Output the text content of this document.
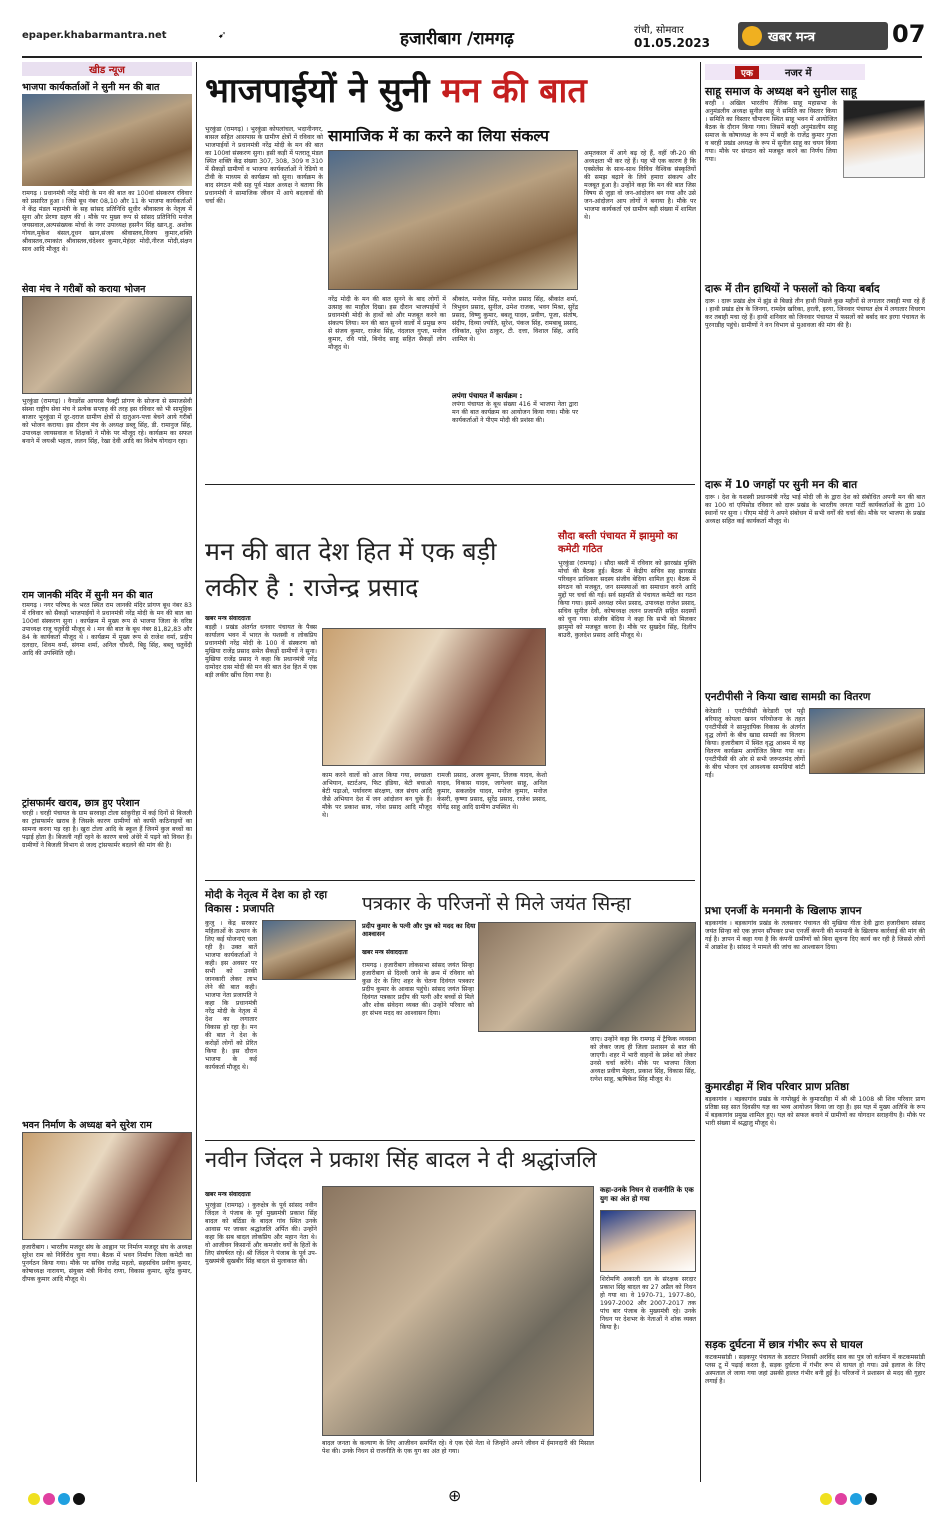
epaper.khabarmantra.net	➹	हजारीबाग /रामगढ़	रांची, सोमवार
01.05.2023	खबर मन्त्र	07
खीड न्यूज
भाजपा कार्यकर्ताओं ने सुनी मन की बात
रामगढ़ । प्रधानमंत्री नरेंद्र मोदी के मन की बात का 100वां संस्करण रविवार को प्रसारित हुआ । जिसे बूथ नंबर 08,10 और 11 के भाजपा कार्यकर्ताओं ने केंद्र मंडल महामंत्री के सह सांसद प्रतिनिधि सुधीर श्रीवास्तव के नेतृत्व में सुना और प्रेरणा ग्रहण की । मौके पर मुख्य रूप से सांसद प्रतिनिधि मनोज जयसवाल,अल्पसंख्यक मोर्चा के नगर उपाध्यक्ष हसनैन सिंह खान,हु. अशोक गोयल,मुकेश बंसल,दूधन खान,संजय श्रीवास्तव,विजय कुमार,शक्ति श्रीवास्तव,रमाकांत श्रीवास्तव,चंदेश्वर कुमार,मेहंदर मोदी,नीरज मोदी,संक्षन साव आदि मौजूद थे।
सेवा मंच ने गरीबों को कराया भोजन
भुरकुंडा (रामगढ़) । वैनडरेंस आयरस फैक्ट्री प्रांगण के सोजना से समाजसेवी संस्था राष्ट्रीय सेवा मंच ने प्रत्येक सप्ताह की तरह इस रविवार को भी सामूहिक बाजार भुरकुंडा में दूर-दराज ग्रामीण क्षेत्रों से दातुअन-पत्ता बेचने आये गरीबों को भोजन कराया। इस दौरान मंच के अध्यक्ष डब्लू सिंह, डी. रामानुज सिंह, उपाध्यक्ष जायसवाल व शिक्षकों ने मौके पर मौजूद रहे। कार्यक्रम का सफल बनाने में जयश्री भहता, ललन सिंह, रेखा देवी आदि का विशेष योगदान रहा।
राम जानकी मंदिर में सुनी मन की बात
रामगढ़ । नगर परिषद के भरत स्थित राम जानकी मंदिर प्रांगण बूथ नंबर 83 में रविवार को सैकड़ों भाजपाईयों ने प्रधानमंत्री नरेंद्र मोदी के मन की बात का 100वां संस्करण सुना । कार्यक्रम में मुख्य रूप से भाजपा जिला के वरिष्ठ उपाध्यक्ष राजू चतुर्वेदी मौजूद थे । मन की बात के बूथ नंबर 81,82,83 और 84 के कार्यकर्ता मौजूद थे । कार्यक्रम में मुख्य रूप से राजेश वर्मा, प्रदीप दलदार, शिवम वर्मा, संगमा शर्मा, अनिल चौधरी, बिट्टू सिंह, बब्लू चतुर्वेदी आदि की उपस्थिति रही।
ट्रांसफार्मर खराब, छात्र हुए परेशान
चरही । चरही पंचायत के ग्राम सरवाहा टोला सांकुरीहा में कई दिनों से बिजली का ट्रांसफार्मर खराब है जिसके कारण ग्रामीणों को काफी कठिनाइयों का सामना करना पड़ रहा है। खुरा टोला आदि के स्कूल हैं जिनमें कुल बच्चों का पढ़ाई होता है। बिजली नहीं रहने के कारण बच्चे अंधेरे में पढ़ने को विवश हैं। ग्रामीणों ने बिजली विभाग से जल्द ट्रांसफार्मर बदलने की मांग की है।
भवन निर्माण के अध्यक्ष बने सुरेश राम
हजारीबाग । भारतीय मजदूर संघ के आह्वान पर निर्माण मजदूर संघ के अध्यक्ष सुरेश राम को निर्विरोध चुना गया। बैठक में भवन निर्माण जिला कमेटी का पुनर्गठन किया गया। मौके पर सचिव राजेंद्र महतो, सहसचिव प्रवीण कुमार, कोषाध्यक्ष नारायण, संयुक्त मंत्री विनोद राणा, विकास कुमार, सुरेंद्र कुमार, दीपक कुमार आदि मौजूद थे।
भाजपाईयों ने सुनी मन की बात
भुरकुंडा (रामगढ़) । भुरकुंडा कोयलांचल, भदानीनगर, बासल सहित आसपास के ग्रामीण क्षेत्रों में रविवार को भाजपाईयों ने प्रधानमंत्री नरेंद्र मोदी के मन की बात का 100वां संस्करण सुना। इसी कड़ी में पतरातू मंडल स्थित शक्ति केंद्र संख्या 307, 308, 309 व 310 में सैकड़ों ग्रामीणों व भाजपा कार्यकर्ताओं ने रेडियो व टीवी के माध्यम से कार्यक्रम को सुना। कार्यक्रम के बाद संगठन मंत्री सह पूर्व मंडल अध्यक्ष ने बताया कि प्रधानमंत्री ने सामाजिक जीवन में आये बदलावों की चर्चा की।
सामाजिक में का करने का लिया संकल्प
नरेंद्र मोदी के मन की बात सुनने के बाद लोगों में उत्साह का माहौल दिखा। इस दौरान भाजपाईयों ने प्रधानमंत्री मोदी के हाथों को और मजबूत करने का संकल्प लिया। मन की बात सुनने वालों में प्रमुख रूप से संजय कुमार, राजेश सिंह, नंदलाल गुप्ता, मनोज कुमार, रवि पांडे, बिनोद साहू सहित सैकड़ों लोग मौजूद थे।
श्रीकांत, मनोज सिंह, मनोज प्रसाद सिंह, श्रीकांत शर्मा, त्रिभुवन प्रसाद, सुनील, उमेश राजक, भवन मिश्रा, सुरेंद्र प्रसाद, विष्णु कुमार, बबलू यादव, प्रवीण, पूजा, संतोष, संदीप, दिव्या ज्योति, सुरेश, पंकज सिंह, रामबाबू प्रसाद, रविकांत, सुरेश ठाकुर, टी. दत्ता, विशाल सिंह, आदि शामिल थे।
लपंगा पंचायत में कार्यक्रम :
लपंगा पंचायत के बूथ संख्या 416 में भाजपा नेता द्वारा मन की बात कार्यक्रम का आयोजन किया गया। मौके पर कार्यकर्ताओं ने पीएम मोदी की प्रशंसा की।
अमृतकाल में आगे बढ़ रहे हैं, वहीं जी-20 की अध्यक्षता भी कर रहे हैं। यह भी एक कारण है कि एक्सेलेंस के साथ-साथ विविध वैश्विक संस्कृतियों की समझ बढ़ाने के लिये हमारा संकल्प और मजबूत हुआ है। उन्होंने कहा कि मन की बात जिस विषय से जुड़ा वो जन-आंदोलन बन गया और उसे जन-आंदोलन आप लोगों ने बनाया है। मौके पर भाजपा कार्यकर्ता एवं ग्रामीण बड़ी संख्या में शामिल थे।
मन की बात देश हित में एक बड़ी लकीर है : राजेन्द्र प्रसाद
खबर मन्त्र संवाददाता
बड़ही । प्रखंड अंतर्गत धनवार पंचायत के पैक्स कार्यालय भवन में भारत के यशस्वी व लोकप्रिय प्रधानमंत्री नरेंद्र मोदी के 100 वें संस्करण को मुखिया राजेंद्र प्रसाद समेत सैकड़ों ग्रामीणों ने सुना। मुखिया राजेंद्र प्रसाद ने कहा कि प्रधानमंत्री नरेंद्र दामोदर दास मोदी की मन की बात देश हित में एक बड़ी लकीर खींच दिया गया है।
काम करने वालों को आज किया गया, स्वच्छता अभियान, स्टार्टअप, फिट इंडिया, बेटी बचाओ बेटी पढ़ाओ, पर्यावरण संरक्षण, जल संचय आदि जैसे अभियान देश में जन आंदोलन बन चुके हैं। मौके पर प्रकाश साव, नरेश प्रसाद आदि मौजूद थे।
रामजी प्रसाद, अजय कुमार, तिलक यादव, केशो यादव, विकास यादव, जागेश्वर साहू, अनिल कुमार, सकलदेव यादव, मनोज कुमार, मनोज केसरी, कृष्णा प्रसाद, सुरेंद्र प्रसाद, राजेश प्रसाद, योगेंद्र साहू आदि ग्रामीण उपस्थित थे।
सौदा बस्ती पंचायत में झामुमो का कमेटी गठित
भुरकुंडा (रामगढ़) । सौदा बस्ती में रविवार को झारखंड मुक्ति मोर्चा की बैठक हुई। बैठक में केंद्रीय सचिव सह झारखंड परिवहन प्राधिकार सदस्य संजीव बेदिया शामिल हुए। बैठक में संगठन को मजबूत, जन समस्याओं का समाधान करने आदि मुद्दों पर चर्चा की गई। सर्व सहमति से पंचायत कमेटी का गठन किया गया। इसमें अध्यक्ष रमेश प्रसाद, उपाध्यक्ष राजेश प्रसाद, सचिव सुनील देवी, कोषाध्यक्ष ललन प्रजापति सहित सदस्यों को चुना गया। संजीव बेदिया ने कहा कि सभी को मिलकर झामुमो को मजबूत करना है। मौके पर सुखदेव सिंह, दिलीप बाउरी, कुलदेश प्रसाद आदि मौजूद थे।
मोदी के नेतृत्व में देश का हो रहा विकास : प्रजापति
कुजु । केंद्र सरकार महिलाओं के उत्थान के लिए कई योजनाएं चला रही है। उक्त बातें भाजपा कार्यकर्ताओं ने कही। इस अवसर पर सभी को उनकी जानकारी लेकर लाभ लेने की बात कही। भाजपा नेता प्रजापति ने कहा कि प्रधानमंत्री नरेंद्र मोदी के नेतृत्व में देश का लगातार विकास हो रहा है। मन की बात ने देश के करोड़ों लोगों को प्रेरित किया है। इस दौरान भाजपा के कई कार्यकर्ता मौजूद थे।
पत्रकार के परिजनों से मिले जयंत सिन्हा
प्रदीप कुमार के पत्नी और पुत्र को मदद का दिया आश्वासन
खबर मन्त्र संवाददाता
रामगढ़ । हजारीबाग लोकसभा सांसद जयंत सिन्हा हजारीबाग से दिल्ली जाने के क्रम में रविवार को कुछ देर के लिए शहर के चेतना दिवंगत पत्रकार प्रदीप कुमार के आवास पहुंचे। सांसद जयंत सिन्हा दिवंगत पत्रकार प्रदीप की पत्नी और बच्चों से मिले और शोक संवेदना व्यक्त की। उन्होंने परिवार को हर संभव मदद का आश्वासन दिया।
जाए। उन्होंने कहा कि रामगढ़ में ट्रैफिक व्यवस्था को लेकर जल्द ही जिला प्रशासन से बात की जाएगी। शहर में भारी वाहनों के प्रवेश को लेकर उनसे चर्चा करेंगे। मौके पर भाजपा जिला अध्यक्ष प्रवीण मेहता, प्रकाश सिंह, विकास सिंह, रत्नेश साहू, ऋषिकेश सिंह मौजूद थे।
नवीन जिंदल ने प्रकाश सिंह बादल ने दी श्रद्धांजलि
खबर मन्त्र संवाददाता
भुरकुंडा (रामगढ़) । कुरुक्षेत्र के पूर्व सांसद नवीन जिंदल ने पंजाब के पूर्व मुख्यमंत्री प्रकाश सिंह बादल को बठिंडा के बादल गांव स्थित उनके आवास पर जाकर श्रद्धांजलि अर्पित की। उन्होंने कहा कि सब बादल लोकप्रिय और महान नेता थे। वो आजीवन किसानों और कमजोर वर्गों के हितों के लिए संघर्षरत रहे। श्री जिंदल ने पंजाब के पूर्व उप-मुख्यमंत्री सुखबीर सिंह बादल से मुलाकात की।
कहा-उनके निधन से राजनीति के एक युग का अंत हो गया
शिरोमणि अकाली दल के संरक्षक सरदार प्रकाश सिंह बादल का 27 अप्रैल को निधन हो गया था। वे 1970-71, 1977-80, 1997-2002 और 2007-2017 तक पांच बार पंजाब के मुख्यमंत्री रहे। उनके निधन पर देशभर के नेताओं ने शोक व्यक्त किया है।
बादल जनता के कल्याण के लिए आजीवन समर्पित रहे। वे एक ऐसे नेता थे जिन्होंने अपने जीवन में ईमानदारी की मिसाल पेश की। उनके निधन से राजनीति के एक युग का अंत हो गया।
एक	नजर में
साहू समाज के अध्यक्ष बने सुनील साहू
बरही । अखिल भारतीय तैलिक साहू महासभा के अनुमंडलीय अध्यक्ष सुनील साहू ने समिति का विस्तार किया । समिति का विस्तार चौपारण स्थित साहू भवन में आयोजित बैठक के दौरान किया गया। जिसमें बरही अनुमंडलीय साहू समाज के कोषाध्यक्ष के रूप में बरही के राजेंद्र कुमार गुप्ता व बरही प्रखंड अध्यक्ष के रूप में सुनील साहू का चयन किया गया। मौके पर संगठन को मजबूत करने का निर्णय लिया गया।
दारू में तीन हाथियों ने फसलों को किया बर्बाद
दारू । दारू प्रखंड क्षेत्र में झुंड से बिछड़े तीन हाथी पिछले कुछ महीनों से लगातार तबाही मचा रहे हैं । हाथी प्रखंड क्षेत्र के जिनगा, रामदेव खरिका, हरली, इरगा, जिनवार पंचायत क्षेत्र में लगातार विचरण कर तबाही मचा रहे हैं। हाथी शनिवार को जिनवार पंचायत में फसलों को बर्बाद कर इरगा पंचायत के पुरनाडीह पहुंचे। ग्रामीणों ने वन विभाग से मुआवजा की मांग की है।
दारू में 10 जगहों पर सुनी मन की बात
दारू । देश के यशस्वी प्रधानमंत्री नरेंद्र भाई मोदी जी के द्वारा देश को संबोधित अपनी मन की बात का 100 वां एपिसोड रविवार को दारू प्रखंड के भारतीय जनता पार्टी कार्यकर्ताओं के द्वारा 10 स्थानों पर सुना । पीएम मोदी ने अपने संबोधन में सभी वर्गों की चर्चा की। मौके पर भाजपा के प्रखंड अध्यक्ष सहित कई कार्यकर्ता मौजूद थे।
एनटीपीसी ने किया खाद्य सामग्री का वितरण
केरेडारी । एनटीपीसी केरेडारी एवं पट्टी बरियातू कोयला खनन परियोजना के तहत एनटीपीसी ने सामुदायिक विकास के अंतर्गत वृद्ध लोगों के बीच खाद्य सामग्री का वितरण किया। हजारीबाग में स्थित वृद्ध आश्रम में यह वितरण कार्यक्रम आयोजित किया गया था। एनटीपीसी की ओर से सभी जरूरतमंद लोगों के बीच भोजन एवं आवश्यक सामग्रियां बांटी गईं।
प्रभा एनर्जी के मनमानी के खिलाफ ज्ञापन
बड़कागांव । बड़कागांव प्रखंड के तलसवार पंचायत की मुखिया गीता देवी द्वारा हजारीबाग सांसद जयंत सिन्हा को एक ज्ञापन सौंपकर प्रभा एनर्जी कंपनी की मनमानी के खिलाफ कार्रवाई की मांग की गई है। ज्ञापन में कहा गया है कि कंपनी ग्रामीणों को बिना सूचना दिए कार्य कर रही है जिससे लोगों में आक्रोश है। सांसद ने मामले की जांच का आश्वासन दिया।
कुमारडीहा में शिव परिवार प्राण प्रतिष्ठा
बड़कागांव । बड़कागांव प्रखंड के नापोखुर्द के कुमारडीहा में श्री श्री 1008 श्री शिव परिवार प्राण प्रतिष्ठा सह सात दिवसीय यज्ञ का भव्य आयोजन किया जा रहा है। इस यज्ञ में मुख्य अतिथि के रूप में बड़कागांव प्रमुख शामिल हुए। यज्ञ को सफल बनाने में ग्रामीणों का योगदान सराहनीय है। मौके पर भारी संख्या में श्रद्धालु मौजूद थे।
सड़क दुर्घटना में छात्र गंभीर रूप से घायल
कटकमसांडी । सड़कपुर पंचायत के डराटार निवासी अरविंद साव का पुत्र जो वर्तमान में कटकमसांडी प्लस टू में पढ़ाई करता है, सड़क दुर्घटना में गंभीर रूप से घायल हो गया। उसे इलाज के लिए अस्पताल ले जाया गया जहां उसकी हालत गंभीर बनी हुई है। परिजनों ने प्रशासन से मदद की गुहार लगाई है।
⊕
